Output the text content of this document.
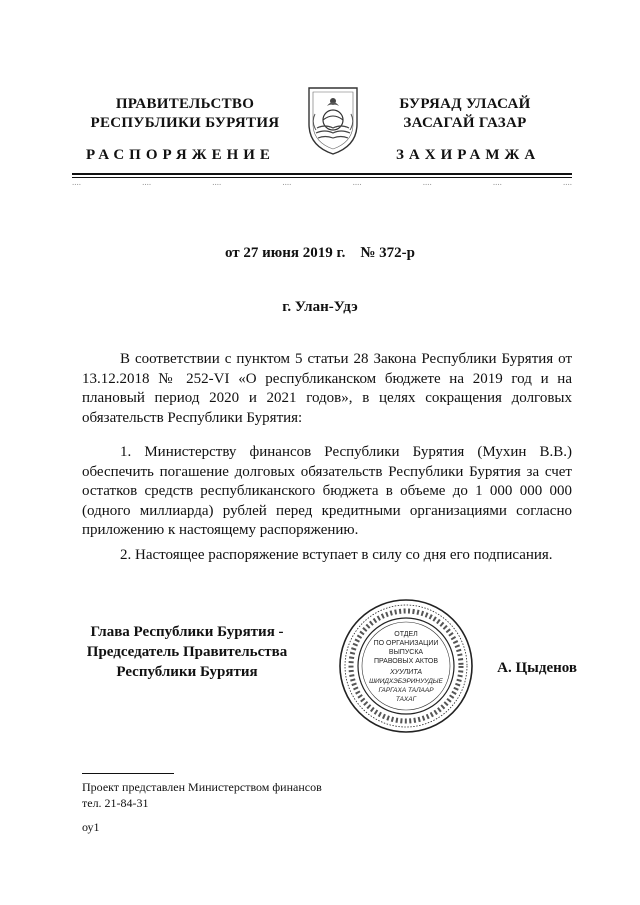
ПРАВИТЕЛЬСТВО
РЕСПУБЛИКИ БУРЯТИЯ
БУРЯАД УЛАСАЙ
ЗАСАГАЙ ГАЗАР
РАСПОРЯЖЕНИЕ	ЗАХИРАМЖА
....	....	....	....	....	....	....	....
от 27 июня 2019 г. № 372-р
г. Улан-Удэ
В соответствии с пунктом 5 статьи 28 Закона Республики Бурятия от 13.12.2018 № 252-VI «О республиканском бюджете на 2019 год и на плановый период 2020 и 2021 годов», в целях сокращения долговых обязательств Республики Бурятия:
1. Министерству финансов Республики Бурятия (Мухин В.В.) обеспечить погашение долговых обязательств Республики Бурятия за счет остатков средств республиканского бюджета в объеме до 1 000 000 000 (одного миллиарда) рублей перед кредитными организациями согласно приложению к настоящему распоряжению.
2. Настоящее распоряжение вступает в силу со дня его подписания.
Глава Республики Бурятия -
Председатель Правительства
Республики Бурятия
ОТДЕЛ
ПО ОРГАНИЗАЦИИ
ВЫПУСКА
ПРАВОВЫХ АКТОВ
ХУУЛИТА
ШИИДХЭБЭРИНУУДЫЕ
ГАРГАХА ТАЛААР
ТАХАГ
А. Цыденов
Проект представлен Министерством финансов
тел. 21-84-31
оу1
